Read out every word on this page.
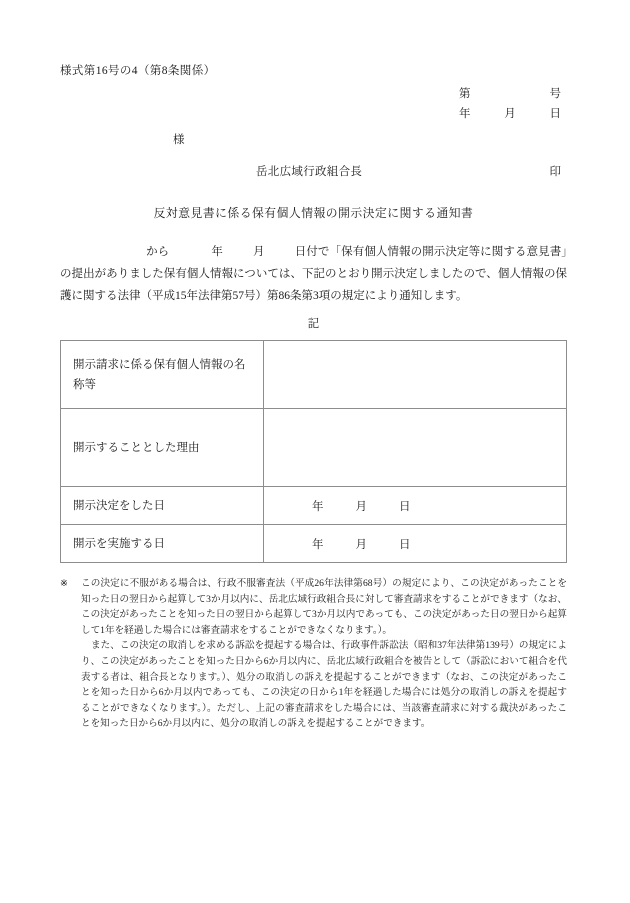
様式第16号の4（第8条関係）
第	号
年	月	日
様
岳北広域行政組合長	印
反対意見書に係る保有個人情報の開示決定に関する通知書
から	年	月	日付で「保有個人情報の開示決定等に関する意見書」の提出がありました保有個人情報については、下記のとおり開示決定しましたので、個人情報の保護に関する法律（平成15年法律第57号）第86条第3項の規定により通知します。
記
開示請求に係る保有個人情報の名称等	
開示することとした理由	
開示決定をした日	年 月 日
開示を実施する日	年 月 日
※ この決定に不服がある場合は、行政不服審査法（平成26年法律第68号）の規定により、この決定があったことを知った日の翌日から起算して3か月以内に、岳北広域行政組合長に対して審査請求をすることができます（なお、この決定があったことを知った日の翌日から起算して3か月以内であっても、この決定があった日の翌日から起算して1年を経過した場合には審査請求をすることができなくなります。）。
また、この決定の取消しを求める訴訟を提起する場合は、行政事件訴訟法（昭和37年法律第139号）の規定により、この決定があったことを知った日から6か月以内に、岳北広域行政組合を被告として（訴訟において組合を代表する者は、組合長となります。）、処分の取消しの訴えを提起することができます（なお、この決定があったことを知った日から6か月以内であっても、この決定の日から1年を経過した場合には処分の取消しの訴えを提起することができなくなります。）。ただし、上記の審査請求をした場合には、当該審査請求に対する裁決があったことを知った日から6か月以内に、処分の取消しの訴えを提起することができます。
